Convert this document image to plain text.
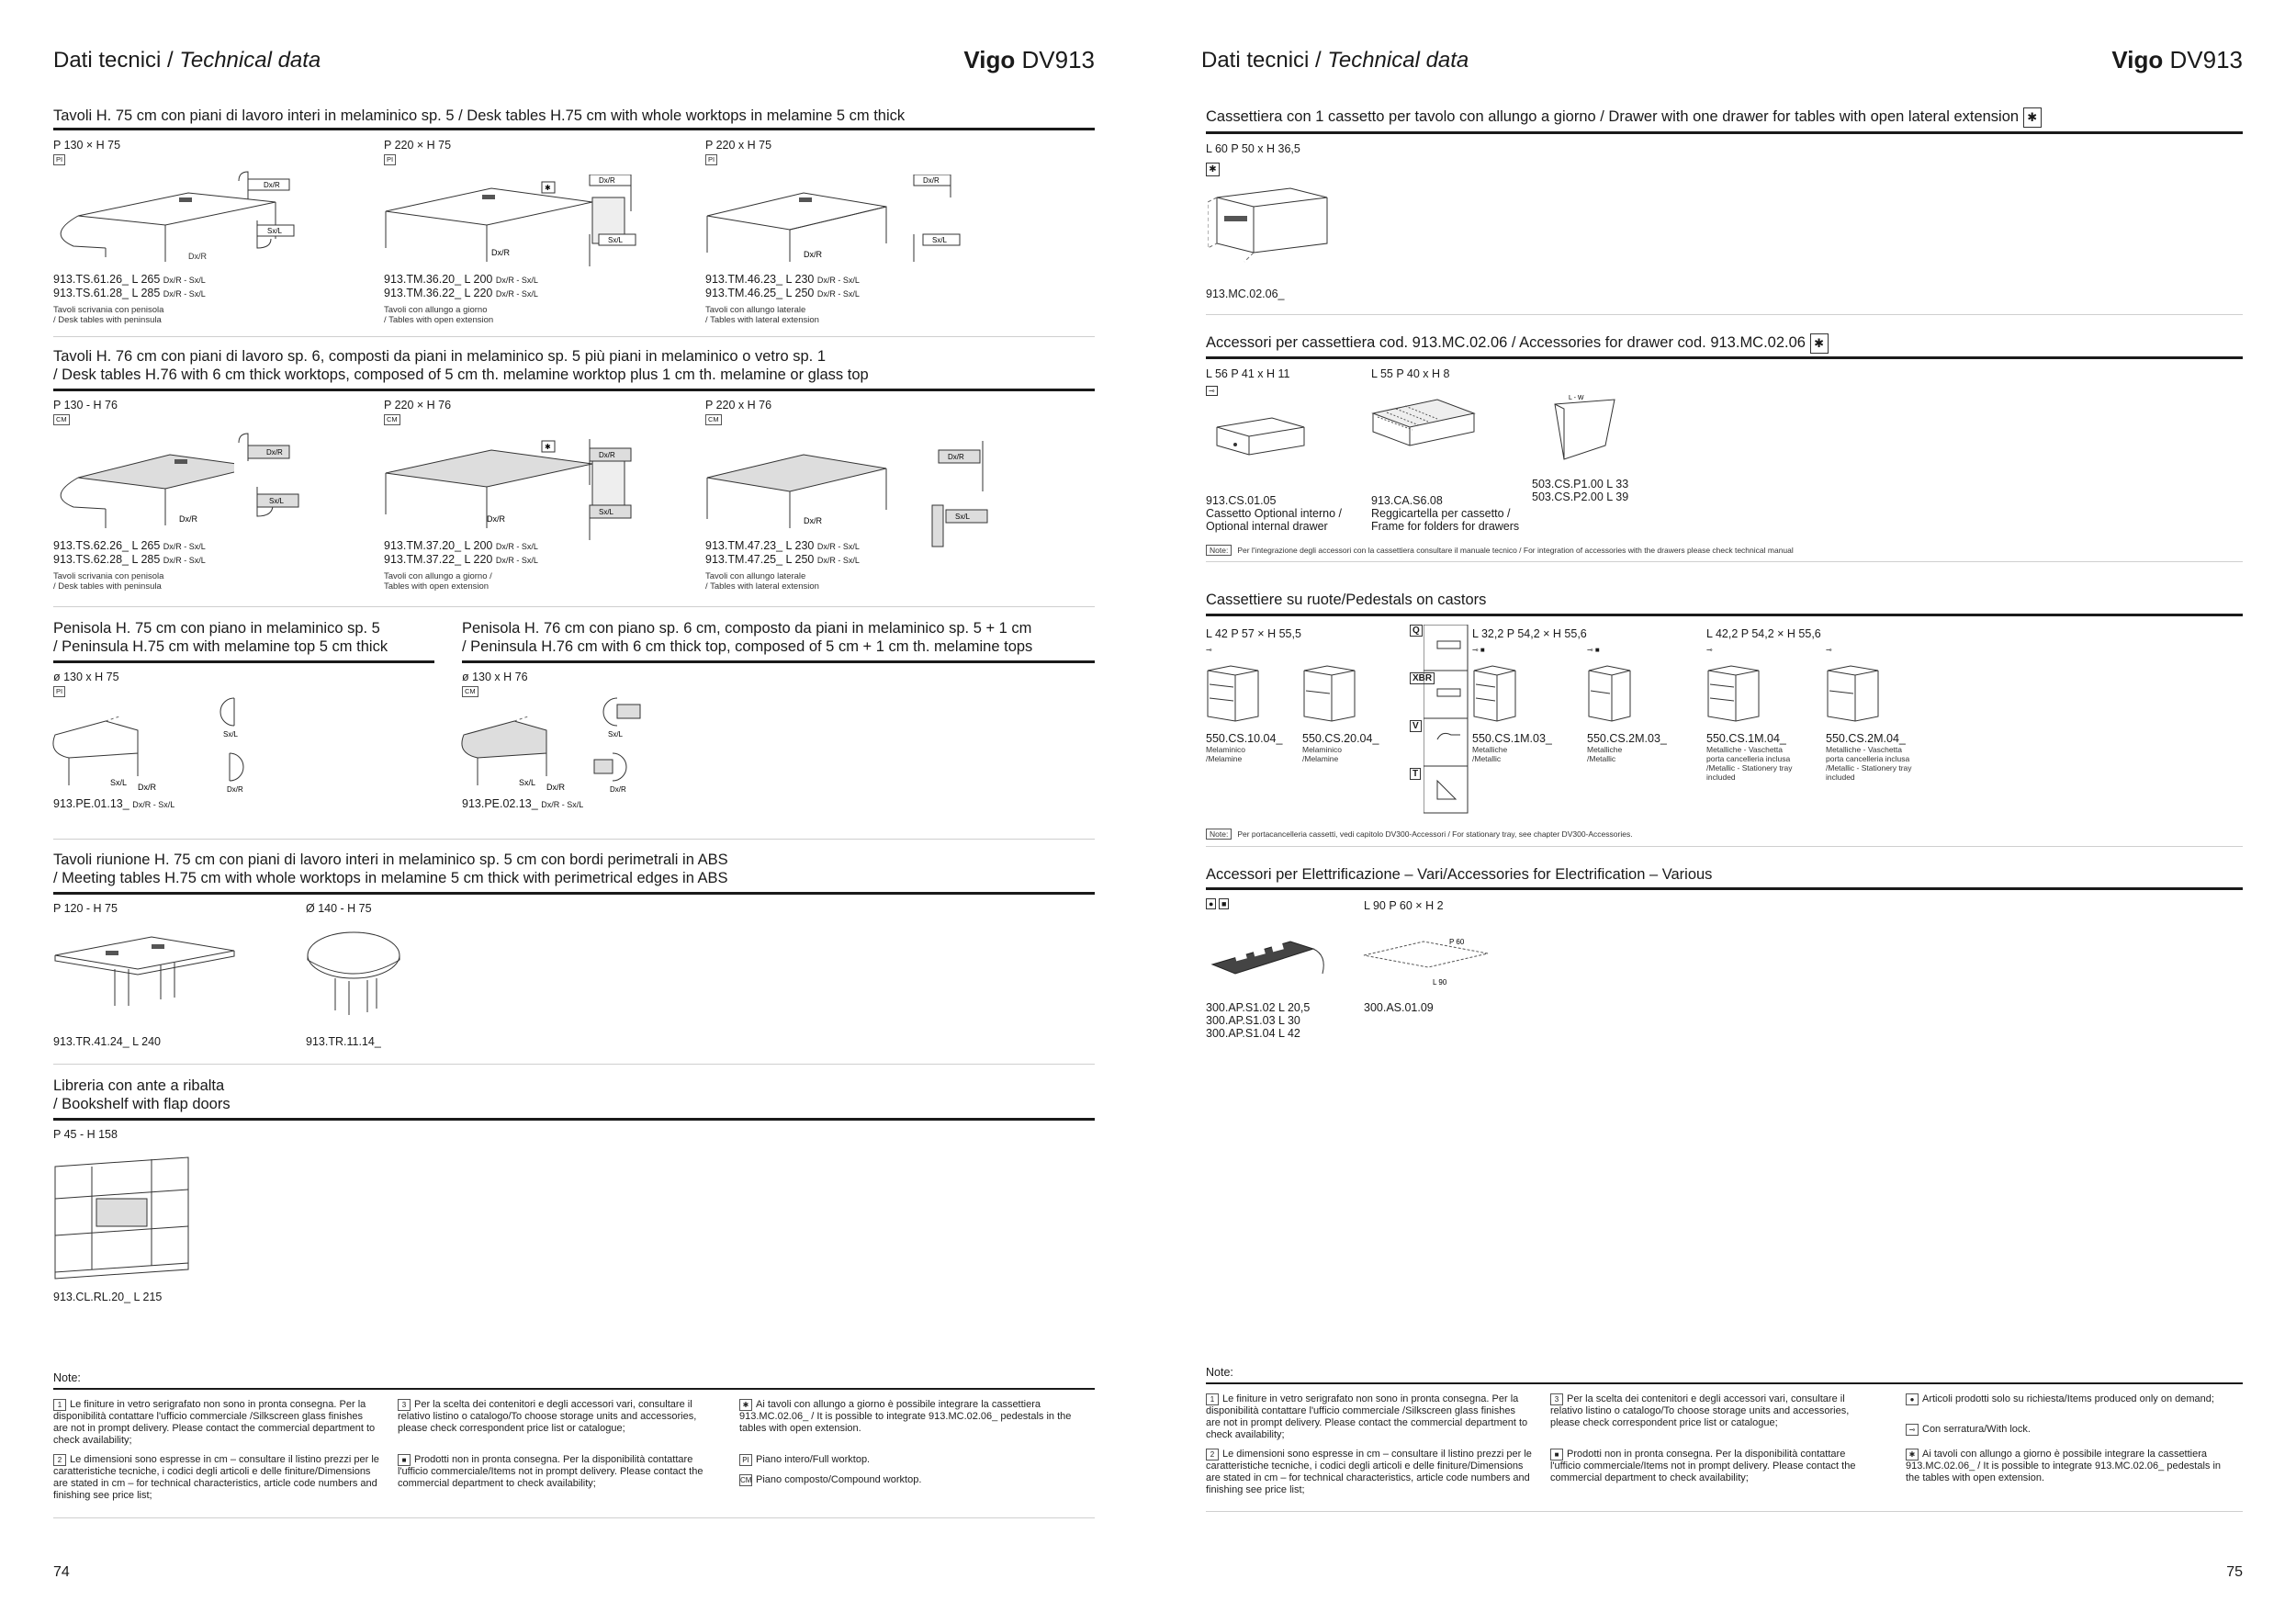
Dati tecnici / Technical data	Vigo DV913
Tavoli H. 75 cm con piani di lavoro interi in melaminico sp. 5 / Desk tables H.75 cm with whole worktops in melamine 5 cm thick
P 130 × H 75
PI
Dx/R
Dx/R
Sx/L
913.TS.61.26_ L 265 Dx/R - Sx/L
913.TS.61.28_ L 285 Dx/R - Sx/L
Tavoli scrivania con penisola
/ Desk tables with peninsula
P 220 × H 75
PI
✱
Dx/R
Dx/R
Sx/L
913.TM.36.20_ L 200 Dx/R - Sx/L
913.TM.36.22_ L 220 Dx/R - Sx/L
Tavoli con allungo a giorno
/ Tables with open extension
P 220 x H 75
PI
Dx/R
Dx/R
Sx/L
913.TM.46.23_ L 230 Dx/R - Sx/L
913.TM.46.25_ L 250 Dx/R - Sx/L
Tavoli con allungo laterale
/ Tables with lateral extension
Tavoli H. 76 cm con piani di lavoro sp. 6, composti da piani in melaminico sp. 5 più piani in melaminico o vetro sp. 1
/ Desk tables H.76 with 6 cm thick worktops, composed of 5 cm th. melamine worktop plus 1 cm th. melamine or glass top
P 130 - H 76
CM
Dx/R
Dx/R
Sx/L
913.TS.62.26_ L 265 Dx/R - Sx/L
913.TS.62.28_ L 285 Dx/R - Sx/L
Tavoli scrivania con penisola
/ Desk tables with peninsula
P 220 × H 76
CM
✱
Dx/R
Dx/R
Sx/L
913.TM.37.20_ L 200 Dx/R - Sx/L
913.TM.37.22_ L 220 Dx/R - Sx/L
Tavoli con allungo a giorno /
Tables with open extension
P 220 x H 76
CM
Dx/R
Dx/R
Sx/L
913.TM.47.23_ L 230 Dx/R - Sx/L
913.TM.47.25_ L 250 Dx/R - Sx/L
Tavoli con allungo laterale
/ Tables with lateral extension
Penisola H. 75 cm con piano in melaminico sp. 5
/ Peninsula H.75 cm with melamine top 5 cm thick
ø 130 x H 75
PI
Sx/L Dx/R
Sx/L
Dx/R
913.PE.01.13_ Dx/R - Sx/L
Penisola H. 76 cm con piano sp. 6 cm, composto da piani in melaminico sp. 5 + 1 cm
/ Peninsula H.76 cm with 6 cm thick top, composed of 5 cm + 1 cm th. melamine tops
ø 130 x H 76
CM
Sx/L Dx/R
Sx/L
Dx/R
913.PE.02.13_ Dx/R - Sx/L
Tavoli riunione H. 75 cm con piani di lavoro interi in melaminico sp. 5 cm con bordi perimetrali in ABS
/ Meeting tables H.75 cm with whole worktops in melamine 5 cm thick with perimetrical edges in ABS
P 120 - H 75
913.TR.41.24_ L 240
Ø 140 - H 75
913.TR.11.14_
Libreria con ante a ribalta
/ Bookshelf with flap doors
P 45 - H 158
913.CL.RL.20_ L 215
Note:
1 Le finiture in vetro serigrafato non sono in pronta consegna. Per la disponibilità contattare l'ufficio commerciale /Silkscreen glass finishes are not in prompt delivery. Please contact the commercial department to check availability;
2 Le dimensioni sono espresse in cm – consultare il listino prezzi per le caratteristiche tecniche, i codici degli articoli e delle finiture/Dimensions are stated in cm – for technical characteristics, article code numbers and finishing see price list;
3 Per la scelta dei contenitori e degli accessori vari, consultare il relativo listino o catalogo/To choose storage units and accessories, please check correspondent price list or catalogue;
■ Prodotti non in pronta consegna. Per la disponibilità contattare l'ufficio commerciale/Items not in prompt delivery. Please contact the commercial department to check availability;
✱ Ai tavoli con allungo a giorno è possibile integrare la cassettiera 913.MC.02.06_ / It is possible to integrate 913.MC.02.06_ pedestals in the tables with open extension.
PI Piano intero/Full worktop.
CM Piano composto/Compound worktop.
74
Dati tecnici / Technical data	Vigo DV913
Cassettiera con 1 cassetto per tavolo con allungo a giorno / Drawer with one drawer for tables with open lateral extension ✱
L 60 P 50 x H 36,5
✱
913.MC.02.06_
Accessori per cassettiera cod. 913.MC.02.06 / Accessories for drawer cod. 913.MC.02.06 ✱
L 56 P 41 x H 11
⊸
913.CS.01.05
Cassetto Optional interno /
Optional internal drawer
L 55 P 40 x H 8
913.CA.S6.08
Reggicartella per cassetto /
Frame for folders for drawers
L - W
503.CS.P1.00 L 33
503.CS.P2.00 L 39
Note: Per l'integrazione degli accessori con la cassettiera consultare il manuale tecnico / For integration of accessories with the drawers please check technical manual
Cassettiere su ruote/Pedestals on castors
L 42 P 57 × H 55,5	L 32,2 P 54,2 × H 55,6	L 42,2 P 54,2 × H 55,6
Q
XBR
V
T
⊸	⊸ ■	⊸ ■	⊸	⊸
550.CS.10.04_
Melaminico
/Melamine
550.CS.20.04_
Melaminico
/Melamine
550.CS.1M.03_
Metalliche
/Metallic
550.CS.2M.03_
Metalliche
/Metallic
550.CS.1M.04_
Metalliche - Vaschetta
porta cancelleria inclusa
/Metallic - Stationery tray
included
550.CS.2M.04_
Metalliche - Vaschetta
porta cancelleria inclusa
/Metallic - Stationery tray
included
Note: Per portacancelleria cassetti, vedi capitolo DV300-Accessori / For stationary tray, see chapter DV300-Accessories.
Accessori per Elettrificazione – Vari/Accessories for Electrification – Various
● ■	L 90 P 60 × H 2
P 60
L 90
300.AP.S1.02 L 20,5
300.AP.S1.03 L 30
300.AP.S1.04 L 42
300.AS.01.09
Note:
1 Le finiture in vetro serigrafato non sono in pronta consegna. Per la disponibilità contattare l'ufficio commerciale /Silkscreen glass finishes are not in prompt delivery. Please contact the commercial department to check availability;
2 Le dimensioni sono espresse in cm – consultare il listino prezzi per le caratteristiche tecniche, i codici degli articoli e delle finiture/Dimensions are stated in cm – for technical characteristics, article code numbers and finishing see price list;
3 Per la scelta dei contenitori e degli accessori vari, consultare il relativo listino o catalogo/To choose storage units and accessories, please check correspondent price list or catalogue;
■ Prodotti non in pronta consegna. Per la disponibilità contattare l'ufficio commerciale/Items not in prompt delivery. Please contact the commercial department to check availability;
● Articoli prodotti solo su richiesta/Items produced only on demand;
⊸ Con serratura/With lock.
✱ Ai tavoli con allungo a giorno è possibile integrare la cassettiera 913.MC.02.06_ / It is possible to integrate 913.MC.02.06_ pedestals in the tables with open extension.
75
